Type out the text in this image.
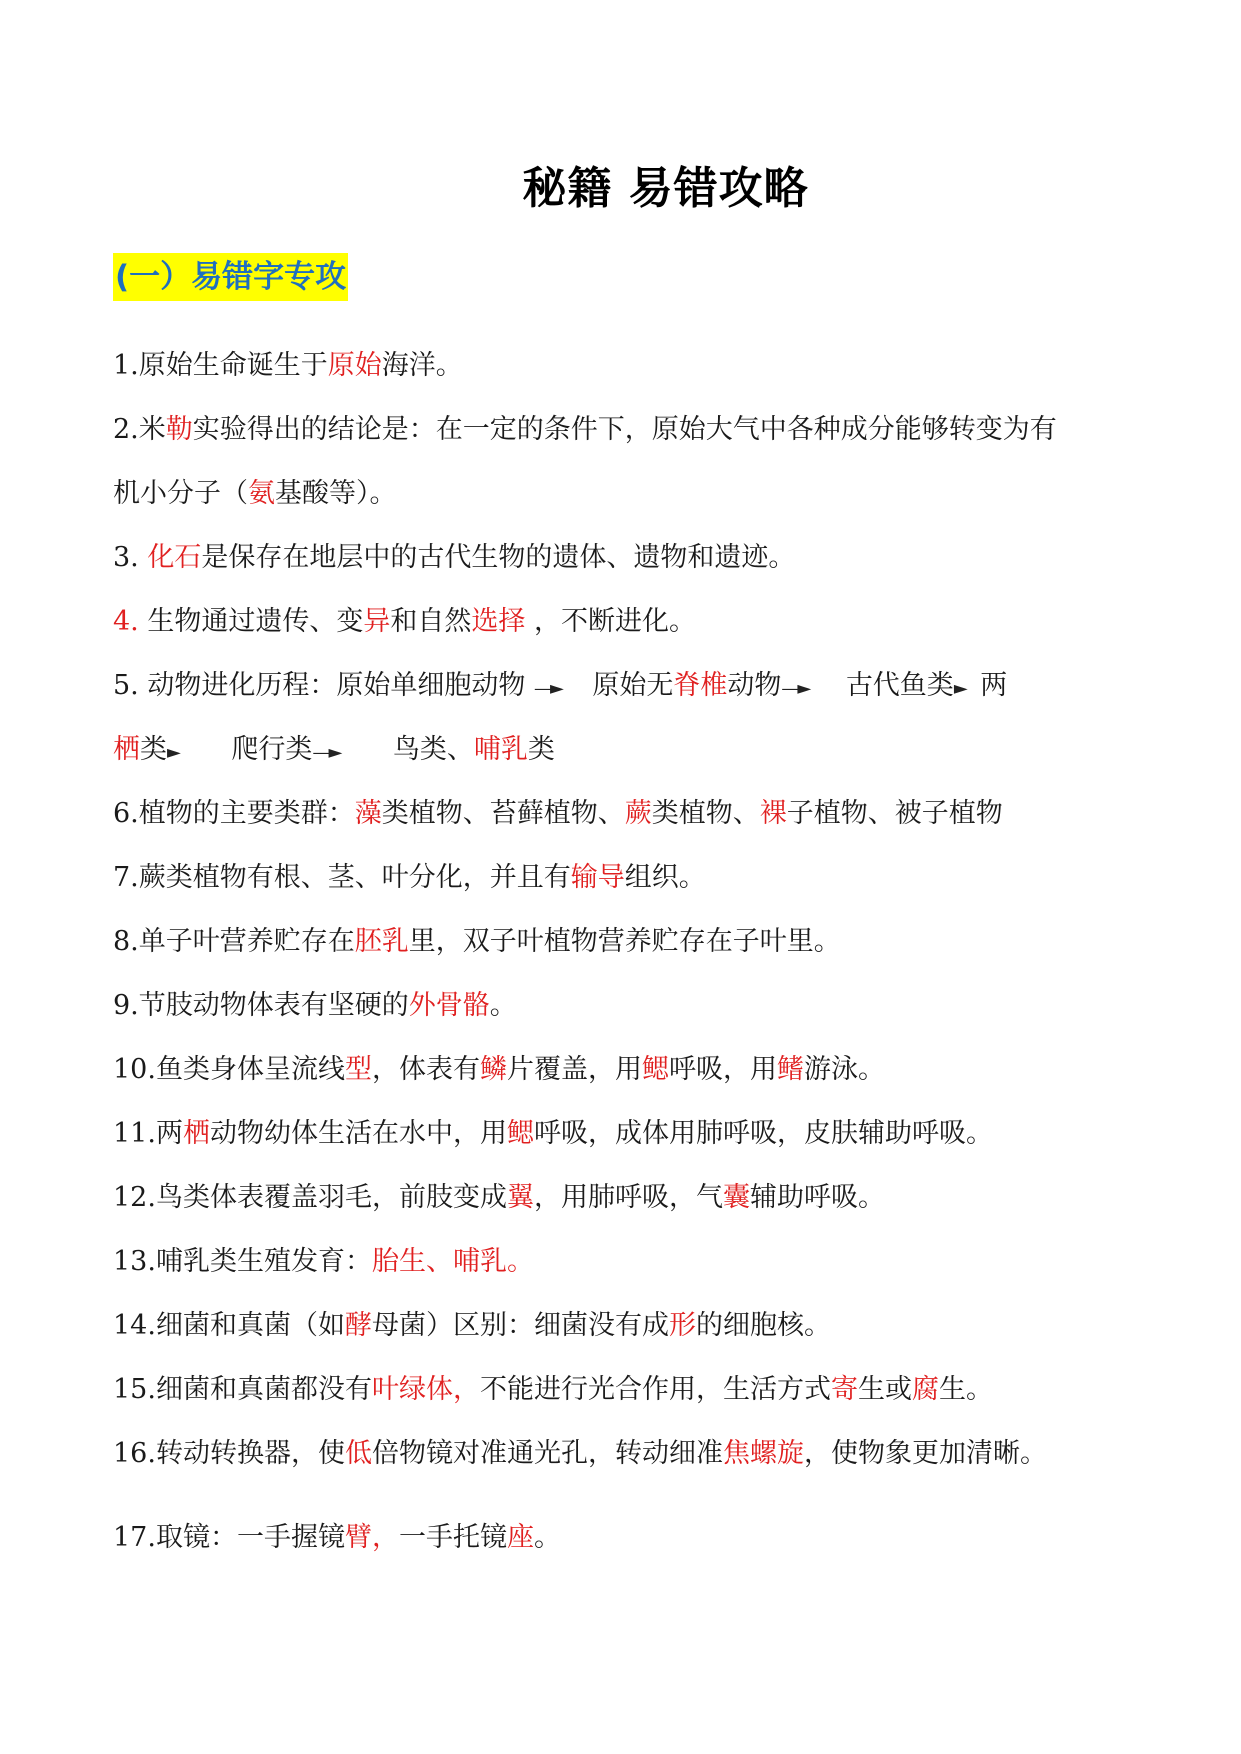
秘籍 易错攻略
(一）易错字专攻
1.原始生命诞生于原始海洋。
2.米勒实验得出的结论是：在一定的条件下，原始大气中各种成分能够转变为有
机小分子（氨基酸等）。
3. 化石是保存在地层中的古代生物的遗体、遗物和遗迹。
4. 生物通过遗传、变异和自然选择 ，不断进化。
5. 动物进化历程：原始单细胞动物 —► 原始无脊椎动物—► 古代鱼类► 两
栖类► 爬行类—► 鸟类、哺乳类
6.植物的主要类群：藻类植物、苔藓植物、蕨类植物、裸子植物、被子植物
7.蕨类植物有根、茎、叶分化，并且有输导组织。
8.单子叶营养贮存在胚乳里，双子叶植物营养贮存在子叶里。
9.节肢动物体表有坚硬的外骨骼。
10.鱼类身体呈流线型，体表有鳞片覆盖，用鳃呼吸，用鳍游泳。
11.两栖动物幼体生活在水中，用鳃呼吸，成体用肺呼吸，皮肤辅助呼吸。
12.鸟类体表覆盖羽毛，前肢变成翼，用肺呼吸，气囊辅助呼吸。
13.哺乳类生殖发育：胎生、哺乳。
14.细菌和真菌（如酵母菌）区别：细菌没有成形的细胞核。
15.细菌和真菌都没有叶绿体，不能进行光合作用，生活方式寄生或腐生。
16.转动转换器，使低倍物镜对准通光孔，转动细准焦螺旋，使物象更加清晰。
17.取镜：一手握镜臂，一手托镜座。
